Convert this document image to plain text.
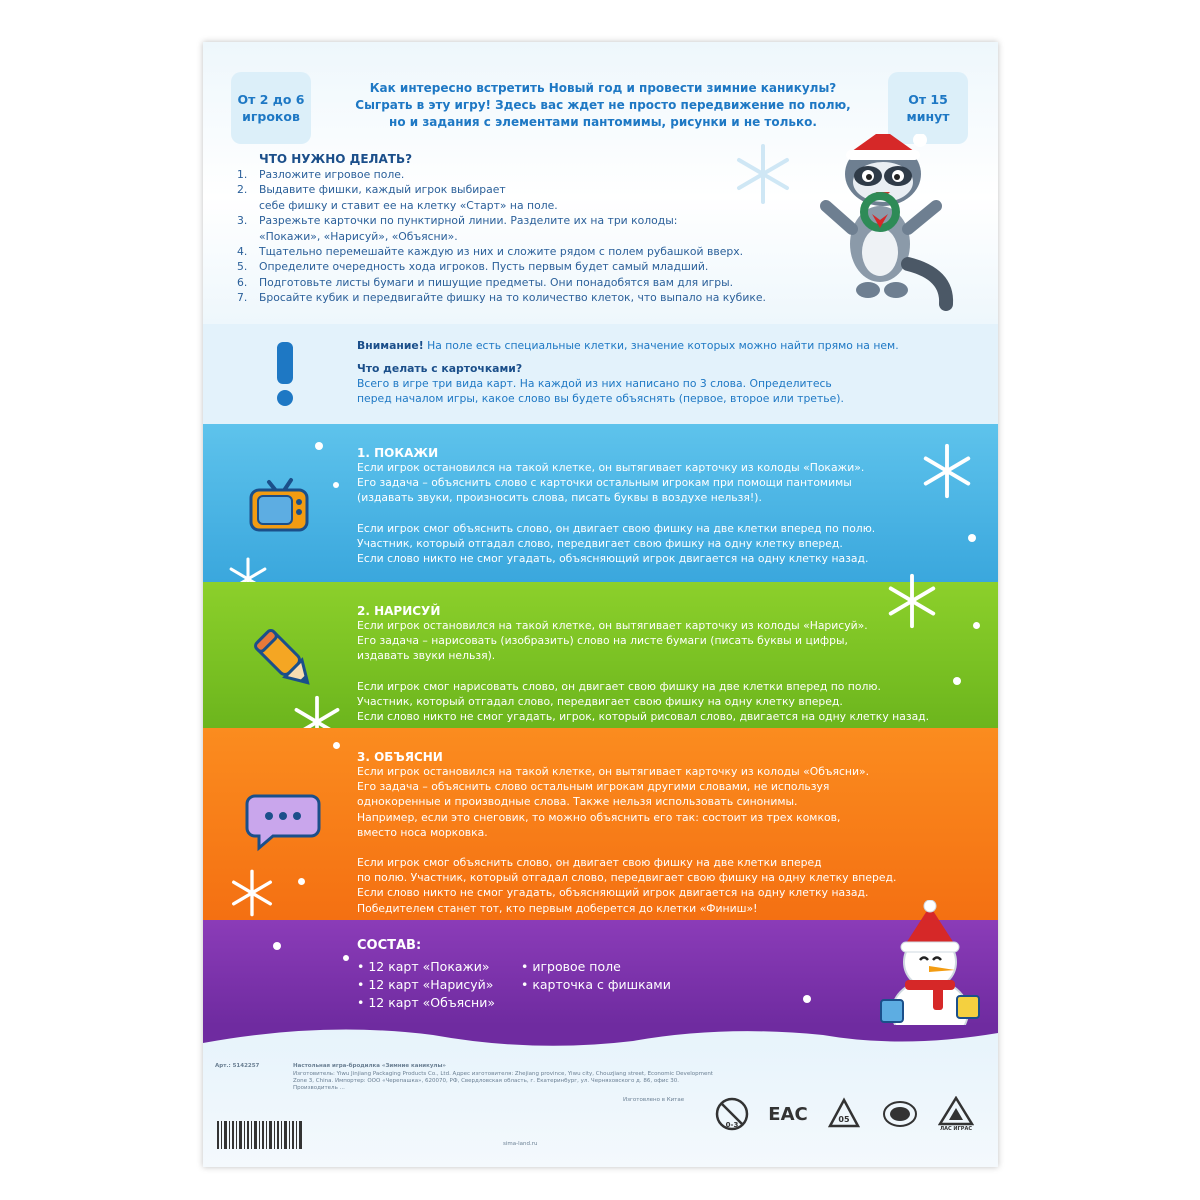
От 2 до 6
игроков
От 15
минут
Как интересно встретить Новый год и провести зимние каникулы?
Сыграть в эту игру! Здесь вас ждет не просто передвижение по полю,
но и задания с элементами пантомимы, рисунки и не только.
ЧТО НУЖНО ДЕЛАТЬ?
1.	Разложите игровое поле.
2.	Выдавите фишки, каждый игрок выбирает
себе фишку и ставит ее на клетку «Старт» на поле.
3.	Разрежьте карточки по пунктирной линии. Разделите их на три колоды:
«Покажи», «Нарисуй», «Объясни».
4.	Тщательно перемешайте каждую из них и сложите рядом с полем рубашкой вверх.
5.	Определите очередность хода игроков. Пусть первым будет самый младший.
6.	Подготовьте листы бумаги и пишущие предметы. Они понадобятся вам для игры.
7.	Бросайте кубик и передвигайте фишку на то количество клеток, что выпало на кубике.
Внимание! На поле есть специальные клетки, значение которых можно найти прямо на нем.
Что делать с карточками?
Всего в игре три вида карт. На каждой из них написано по 3 слова. Определитесь
перед началом игры, какое слово вы будете объяснять (первое, второе или третье).
1. ПОКАЖИ

Если игрок остановился на такой клетке, он вытягивает карточку из колоды «Покажи».

Его задача – объяснить слово с карточки остальным игрокам при помощи пантомимы

(издавать звуки, произносить слова, писать буквы в воздухе нельзя!).

Если игрок смог объяснить слово, он двигает свою фишку на две клетки вперед по полю.

Участник, который отгадал слово, передвигает свою фишку на одну клетку вперед.

Если слово никто не смог угадать, объясняющий игрок двигается на одну клетку назад.

2. НАРИСУЙ

Если игрок остановился на такой клетке, он вытягивает карточку из колоды «Нарисуй».

Его задача – нарисовать (изобразить) слово на листе бумаги (писать буквы и цифры,

издавать звуки нельзя).

Если игрок смог нарисовать слово, он двигает свою фишку на две клетки вперед по полю.

Участник, который отгадал слово, передвигает свою фишку на одну клетку вперед.

Если слово никто не смог угадать, игрок, который рисовал слово, двигается на одну клетку назад.

3. ОБЪЯСНИ

Если игрок остановился на такой клетке, он вытягивает карточку из колоды «Объясни».

Его задача – объяснить слово остальным игрокам другими словами, не используя

однокоренные и производные слова. Также нельзя использовать синонимы.

Например, если это снеговик, то можно объяснить его так: состоит из трех комков,

вместо носа морковка.

Если игрок смог объяснить слово, он двигает свою фишку на две клетки вперед

по полю. Участник, который отгадал слово, передвигает свою фишку на одну клетку вперед.

Если слово никто не смог угадать, объясняющий игрок двигается на одну клетку назад.

Победителем станет тот, кто первым доберется до клетки «Финиш»!

СОСТАВ:
• 12 карт «Покажи»
• 12 карт «Нарисуй»
• 12 карт «Объясни»
• игровое поле
• карточка с фишками
Арт.: 5142257	Настольная игра-бродилка «Зимние каникулы»
Изготовитель: Yiwu Jinjiang Packaging Products Co., Ltd. Адрес изготовителя: Zhejiang province, Yiwu city, Chouzjiang street, Economic Development Zone 3, China. Импортер: ООО «Черепашка», 620070, РФ, Свердловская область, г. Екатеринбург, ул. Черняховского д. 86, офис 30. Производитель ...
sima-land.ru
Изготовлено в Китае
0-3
EAC	05
ЛАС ИГРАС
